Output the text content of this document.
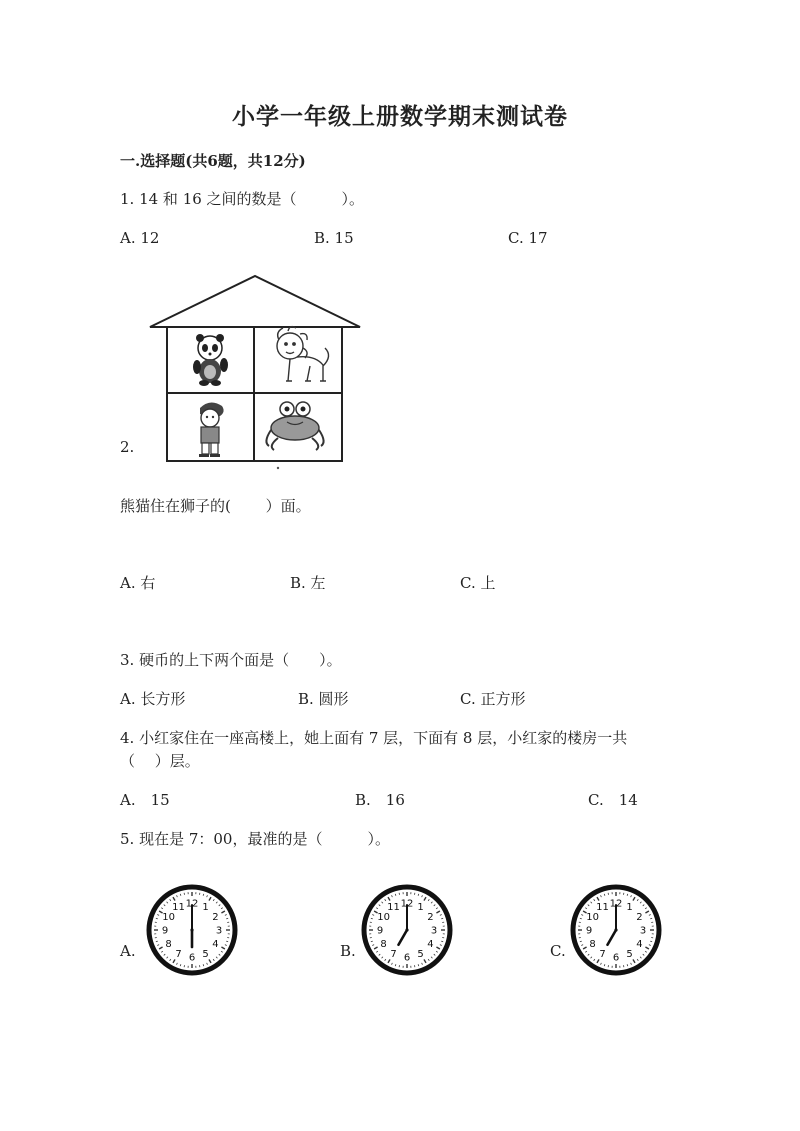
小学一年级上册数学期末测试卷
一.选择题(共6题，共12分)
1. 14 和 16 之间的数是（　　　）。
A. 12	B. 15	C. 17
2.
熊猫住在狮子的(　　 ）面。
A. 右	B. 左	C. 上
3. 硬币的上下两个面是（　　）。
A. 长方形	B. 圆形	C. 正方形
4. 小红家住在一座高楼上，她上面有 7 层，下面有 8 层，小红家的楼房一共
（　 ）层。
A.　15	B.　16	C.　14
5. 现在是 7：00，最准的是（　　　）。
A.	B.	C.
12 1
2
3
4
5
6
7
8
9
10
11	12 1
2
3
4
5
6
7
8
9
10
11	12 1
2
3
4
5
6
7
8
9
10
11
